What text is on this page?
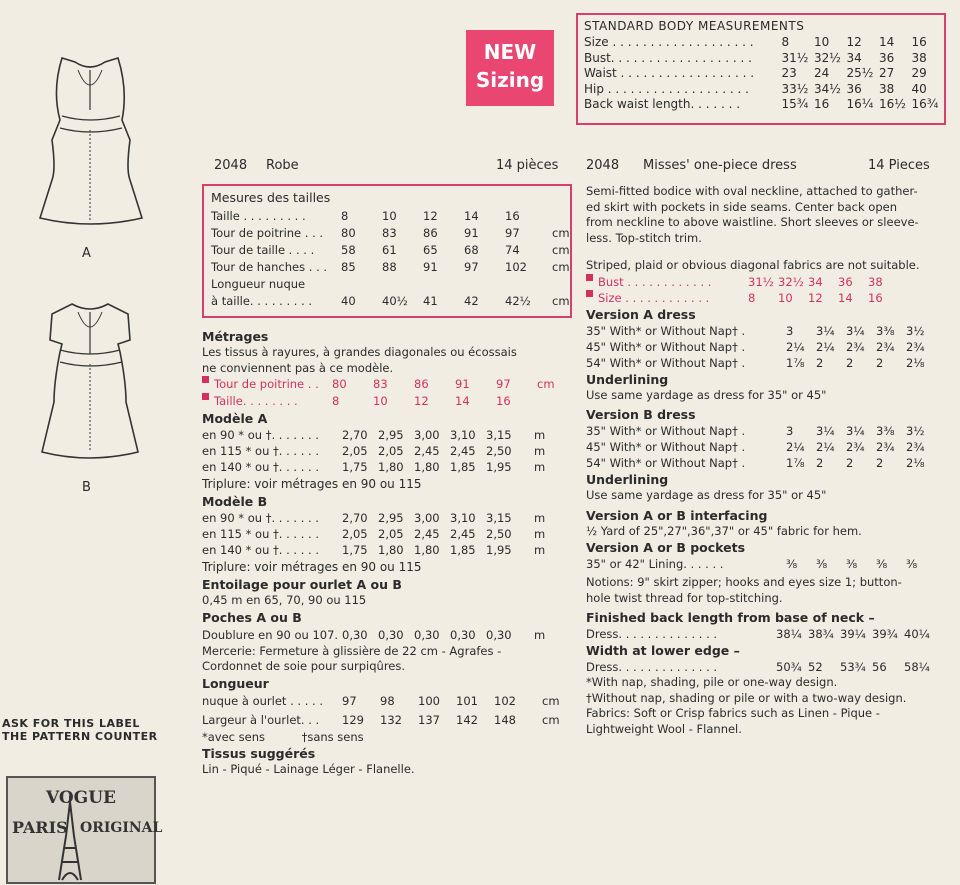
A
B
ASK FOR THIS LABEL
THE PATTERN COUNTER
VOGUE
PARIS ORIGINAL
NEW
Sizing
STANDARD BODY MEASUREMENTS
Size . . . . . . . . . . . . . . . . . . .	8	10	12	14	16
Bust. . . . . . . . . . . . . . . . . . .	31½	32½	34	36	38
Waist . . . . . . . . . . . . . . . . . .	23	24	25½	27	29
Hip . . . . . . . . . . . . . . . . . . .	33½	34½	36	38	40
Back waist length. . . . . . .	15¾	16	16¼	16½	16¾
2048 Robe	14 pièces
Mesures des tailles
Taille . . . . . . . . .	8	10	12	14	16
Tour de poitrine . . .	80	83	86	91	97	cm
Tour de taille . . . .	58	61	65	68	74	cm
Tour de hanches . . .	85	88	91	97	102	cm
Longueur nuque
à taille. . . . . . . . .	40	40½	41	42	42½	cm
Métrages
Les tissus à rayures, à grandes diagonales ou écossais
ne conviennent pas à ce modèle.
Tour de poitrine . .	80	83	86	91	97	cm
Taille. . . . . . . .	8	10	12	14	16
Modèle A
en 90 * ou †. . . . . . .	2,70 2,95 3,00 3,10 3,15	m
en 115 * ou †. . . . . .	2,05 2,05 2,45 2,45 2,50	m
en 140 * ou †. . . . . .	1,75 1,80 1,80 1,85 1,95	m
Triplure: voir métrages en 90 ou 115
Modèle B
en 90 * ou †. . . . . . .	2,70 2,95 3,00 3,10 3,15	m
en 115 * ou †. . . . . .	2,05 2,05 2,45 2,45 2,50	m
en 140 * ou †. . . . . .	1,75 1,80 1,80 1,85 1,95	m
Triplure: voir métrages en 90 ou 115
Entoilage pour ourlet A ou B
0,45 m en 65, 70, 90 ou 115
Poches A ou B
Doublure en 90 ou 107. 0,30 0,30 0,30 0,30 0,30	m
Mercerie: Fermeture à glissière de 22 cm - Agrafes -
Cordonnet de soie pour surpiqûres.
Longueur
nuque à ourlet . . . . .	97	98	100	101	102	cm
Largeur à l'ourlet. . .	129	132	137	142	148	cm
*avec sens	†sans sens
Tissus suggérés
Lin - Piqué - Lainage Léger - Flanelle.
2048 Misses' one-piece dress	14 Pieces
Semi-fitted bodice with oval neckline, attached to gather-
ed skirt with pockets in side seams. Center back open
from neckline to above waistline. Short sleeves or sleeve-
less. Top-stitch trim.
Striped, plaid or obvious diagonal fabrics are not suitable.
Bust . . . . . . . . . . . .	31½ 32½ 34	36	38
Size . . . . . . . . . . . .	8	10	12	14	16
Version A dress
35" With* or Without Nap† .	3	3¼	3¼	3⅜	3½
45" With* or Without Nap† .	2¼	2¼	2¾	2¾	2¾
54" With* or Without Nap† .	1⅞	2	2	2	2⅛
Underlining
Use same yardage as dress for 35" or 45"
Version B dress
35" With* or Without Nap† .	3	3¼	3¼	3⅜	3½
45" With* or Without Nap† .	2¼	2¼	2¾	2¾	2¾
54" With* or Without Nap† .	1⅞	2	2	2	2⅛
Underlining
Use same yardage as dress for 35" or 45"
Version A or B interfacing
½ Yard of 25",27",36",37" or 45" fabric for hem.
Version A or B pockets
35" or 42" Lining. . . . . .	⅜	⅜	⅜	⅜	⅜
Notions: 9" skirt zipper; hooks and eyes size 1; button-
hole twist thread for top-stitching.
Finished back length from base of neck –
Dress. . . . . . . . . . . . . .	38¼ 38¾ 39¼ 39¾ 40¼
Width at lower edge –
Dress. . . . . . . . . . . . . .	50¾ 52	53¾ 56	58¼
*With nap, shading, pile or one-way design.
†Without nap, shading or pile or with a two-way design.
Fabrics: Soft or Crisp fabrics such as Linen - Pique -
Lightweight Wool - Flannel.
